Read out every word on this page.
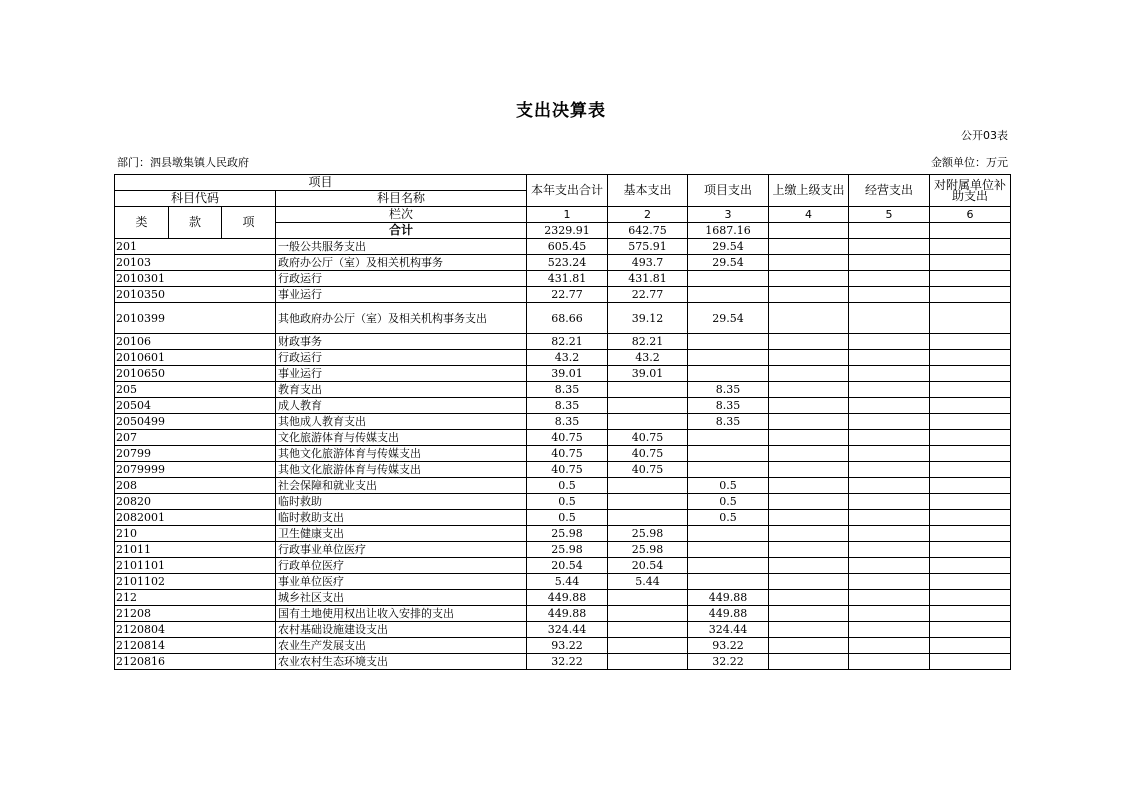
支出决算表
公开03表
部门：泗县墩集镇人民政府	金额单位：万元
项目				本年支出合计	基本支出	项目支出	上缴上级支出	经营支出	对附属单位补助支出
科目代码			科目名称						
类	款	项	栏次	1	2	3	4	5	6
			合计	2329.91	642.75	1687.16			
201			一般公共服务支出	605.45	575.91	29.54			
20103			政府办公厅（室）及相关机构事务	523.24	493.7	29.54			
2010301			行政运行	431.81	431.81				
2010350			事业运行	22.77	22.77				
2010399			其他政府办公厅（室）及相关机构事务支出	68.66	39.12	29.54			
20106			财政事务	82.21	82.21				
2010601			行政运行	43.2	43.2				
2010650			事业运行	39.01	39.01				
205			教育支出	8.35		8.35			
20504			成人教育	8.35		8.35			
2050499			其他成人教育支出	8.35		8.35			
207			文化旅游体育与传媒支出	40.75	40.75				
20799			其他文化旅游体育与传媒支出	40.75	40.75				
2079999			其他文化旅游体育与传媒支出	40.75	40.75				
208			社会保障和就业支出	0.5		0.5			
20820			临时救助	0.5		0.5			
2082001			临时救助支出	0.5		0.5			
210			卫生健康支出	25.98	25.98				
21011			行政事业单位医疗	25.98	25.98				
2101101			行政单位医疗	20.54	20.54				
2101102			事业单位医疗	5.44	5.44				
212			城乡社区支出	449.88		449.88			
21208			国有土地使用权出让收入安排的支出	449.88		449.88			
2120804			农村基础设施建设支出	324.44		324.44			
2120814			农业生产发展支出	93.22		93.22			
2120816			农业农村生态环境支出	32.22		32.22			
